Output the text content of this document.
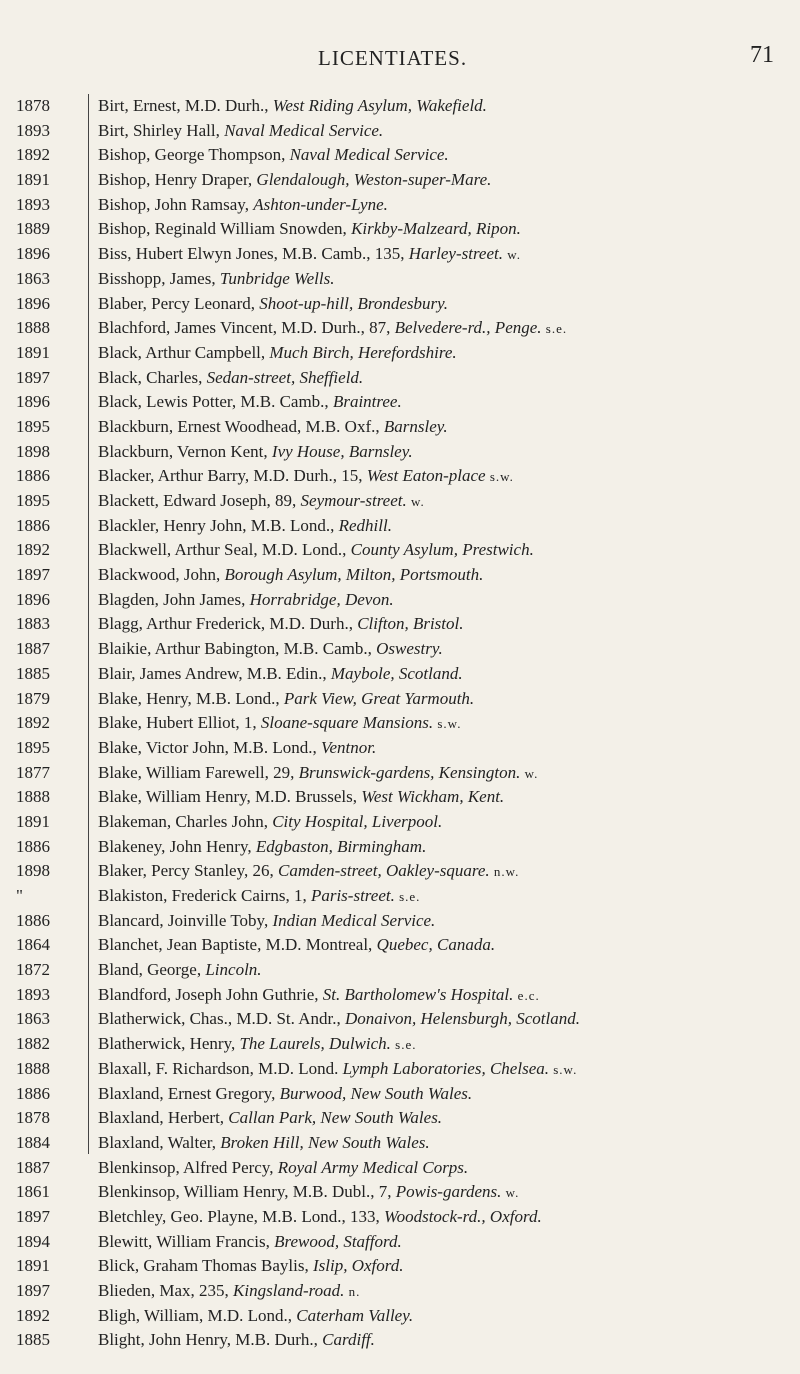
LICENTIATES.	71
1878
1893
1892
1891
1893
1889
1896
1863
1896
1888
1891
1897
1896
1895
1898
1886
1895
1886
1892
1897
1896
1883
1887
1885
1879
1892
1895
1877
1888
1891
1886
1898
"
1886
1864
1872
1893
1863
1882
1888
1886
1878
1884
1887
1861
1897
1894
1891
1897
1892
1885
Birt, Ernest, M.D. Durh., West Riding Asylum, Wakefield.
Birt, Shirley Hall, Naval Medical Service.
Bishop, George Thompson, Naval Medical Service.
Bishop, Henry Draper, Glendalough, Weston-super-Mare.
Bishop, John Ramsay, Ashton-under-Lyne.
Bishop, Reginald William Snowden, Kirkby-Malzeard, Ripon.
Biss, Hubert Elwyn Jones, M.B. Camb., 135, Harley-street. w.
Bisshopp, James, Tunbridge Wells.
Blaber, Percy Leonard, Shoot-up-hill, Brondesbury.
Blachford, James Vincent, M.D. Durh., 87, Belvedere-rd., Penge. s.e.
Black, Arthur Campbell, Much Birch, Herefordshire.
Black, Charles, Sedan-street, Sheffield.
Black, Lewis Potter, M.B. Camb., Braintree.
Blackburn, Ernest Woodhead, M.B. Oxf., Barnsley.
Blackburn, Vernon Kent, Ivy House, Barnsley.
Blacker, Arthur Barry, M.D. Durh., 15, West Eaton-place s.w.
Blackett, Edward Joseph, 89, Seymour-street. w.
Blackler, Henry John, M.B. Lond., Redhill.
Blackwell, Arthur Seal, M.D. Lond., County Asylum, Prestwich.
Blackwood, John, Borough Asylum, Milton, Portsmouth.
Blagden, John James, Horrabridge, Devon.
Blagg, Arthur Frederick, M.D. Durh., Clifton, Bristol.
Blaikie, Arthur Babington, M.B. Camb., Oswestry.
Blair, James Andrew, M.B. Edin., Maybole, Scotland.
Blake, Henry, M.B. Lond., Park View, Great Yarmouth.
Blake, Hubert Elliot, 1, Sloane-square Mansions. s.w.
Blake, Victor John, M.B. Lond., Ventnor.
Blake, William Farewell, 29, Brunswick-gardens, Kensington. w.
Blake, William Henry, M.D. Brussels, West Wickham, Kent.
Blakeman, Charles John, City Hospital, Liverpool.
Blakeney, John Henry, Edgbaston, Birmingham.
Blaker, Percy Stanley, 26, Camden-street, Oakley-square. n.w.
Blakiston, Frederick Cairns, 1, Paris-street. s.e.
Blancard, Joinville Toby, Indian Medical Service.
Blanchet, Jean Baptiste, M.D. Montreal, Quebec, Canada.
Bland, George, Lincoln.
Blandford, Joseph John Guthrie, St. Bartholomew's Hospital. e.c.
Blatherwick, Chas., M.D. St. Andr., Donaivon, Helensburgh, Scotland.
Blatherwick, Henry, The Laurels, Dulwich. s.e.
Blaxall, F. Richardson, M.D. Lond. Lymph Laboratories, Chelsea. s.w.
Blaxland, Ernest Gregory, Burwood, New South Wales.
Blaxland, Herbert, Callan Park, New South Wales.
Blaxland, Walter, Broken Hill, New South Wales.
Blenkinsop, Alfred Percy, Royal Army Medical Corps.
Blenkinsop, William Henry, M.B. Dubl., 7, Powis-gardens. w.
Bletchley, Geo. Playne, M.B. Lond., 133, Woodstock-rd., Oxford.
Blewitt, William Francis, Brewood, Stafford.
Blick, Graham Thomas Baylis, Islip, Oxford.
Blieden, Max, 235, Kingsland-road. n.
Bligh, William, M.D. Lond., Caterham Valley.
Blight, John Henry, M.B. Durh., Cardiff.
